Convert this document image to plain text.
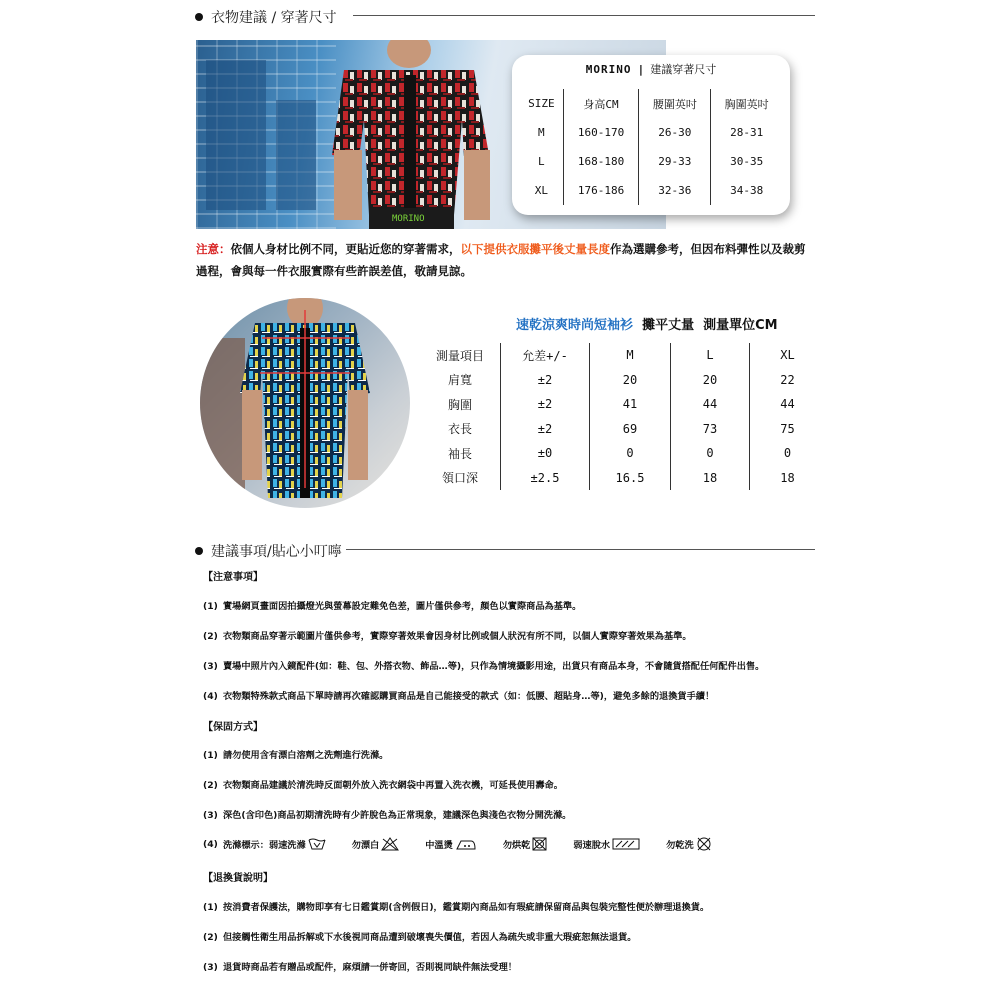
衣物建議 / 穿著尺寸
MORINO
MORINO  |  建議穿著尺寸
SIZE	身高CM	腰圍英吋	胸圍英吋
M	160-170	26-30	28-31
L	168-180	29-33	30-35
XL	176-186	32-36	34-38
注意：依個人身材比例不同，更貼近您的穿著需求，以下提供衣服攤平後丈量長度作為選購參考，但因布料彈性以及裁剪過程，會與每一件衣服實際有些許誤差值，敬請見諒。
速乾涼爽時尚短袖衫  攤平丈量  測量單位CM
測量項目	允差+/-	M	L	XL
肩寬	±2	20	20	22
胸圍	±2	41	44	44
衣長	±2	69	73	75
袖長	±0	0	0	0
領口深	±2.5	16.5	18	18
建議事項/貼心小叮嚀
【注意事項】
(1) 實場網頁畫面因拍攝燈光與螢幕設定難免色差，圖片僅供參考，顏色以實際商品為基準。
(2) 衣物類商品穿著示範圖片僅供參考，實際穿著效果會因身材比例或個人狀況有所不同，以個人實際穿著效果為基準。
(3) 賣場中照片內入鏡配件(如：鞋、包、外搭衣物、飾品…等)，只作為情境攝影用途，出貨只有商品本身，不會隨貨搭配任何配件出售。
(4) 衣物類特殊款式商品下單時請再次確認購買商品是自己能接受的款式（如：低腰、超貼身…等)，避免多餘的退換貨手續！
【保固方式】
(1) 請勿使用含有漂白溶劑之洗劑進行洗滌。
(2) 衣物類商品建議於清洗時反面朝外放入洗衣網袋中再置入洗衣機，可延長使用壽命。
(3) 深色(含印色)商品初期清洗時有少許脫色為正常現象，建議深色與淺色衣物分開洗滌。
(4) 洗滌標示： 弱速洗滌	勿漂白	中溫燙	勿烘乾	弱速脫水	勿乾洗
【退換貨說明】
(1) 按消費者保護法，購物即享有七日鑑賞期(含例假日)，鑑賞期內商品如有瑕疵請保留商品與包裝完整性便於辦理退換貨。
(2) 但接觸性衛生用品拆解或下水後視同商品遭到破壞喪失價值，若因人為疏失或非重大瑕疵恕無法退貨。
(3) 退貨時商品若有贈品或配件，麻煩請一併寄回，否則視同缺件無法受理！
